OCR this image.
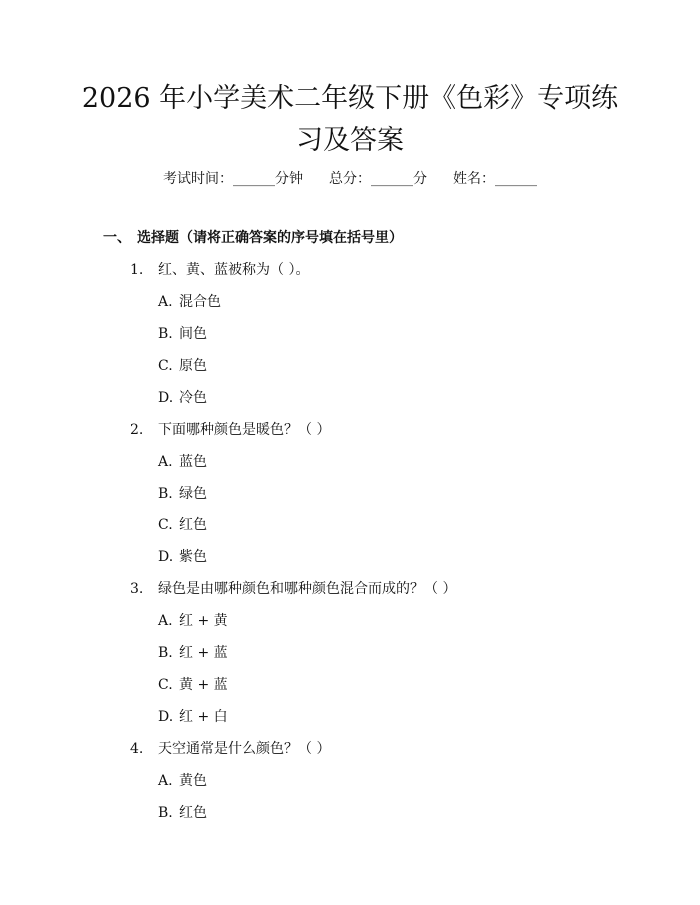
2026 年小学美术二年级下册《色彩》专项练习及答案
考试时间：______分钟 总分：______分 姓名：______
一、 选择题（请将正确答案的序号填在括号里）
1. 红、黄、蓝被称为（ ）。
A. 混合色
B. 间色
C. 原色
D. 冷色
2. 下面哪种颜色是暖色？（ ）
A. 蓝色
B. 绿色
C. 红色
D. 紫色
3. 绿色是由哪种颜色和哪种颜色混合而成的？（ ）
A. 红 + 黄
B. 红 + 蓝
C. 黄 + 蓝
D. 红 + 白
4. 天空通常是什么颜色？（ ）
A. 黄色
B. 红色
